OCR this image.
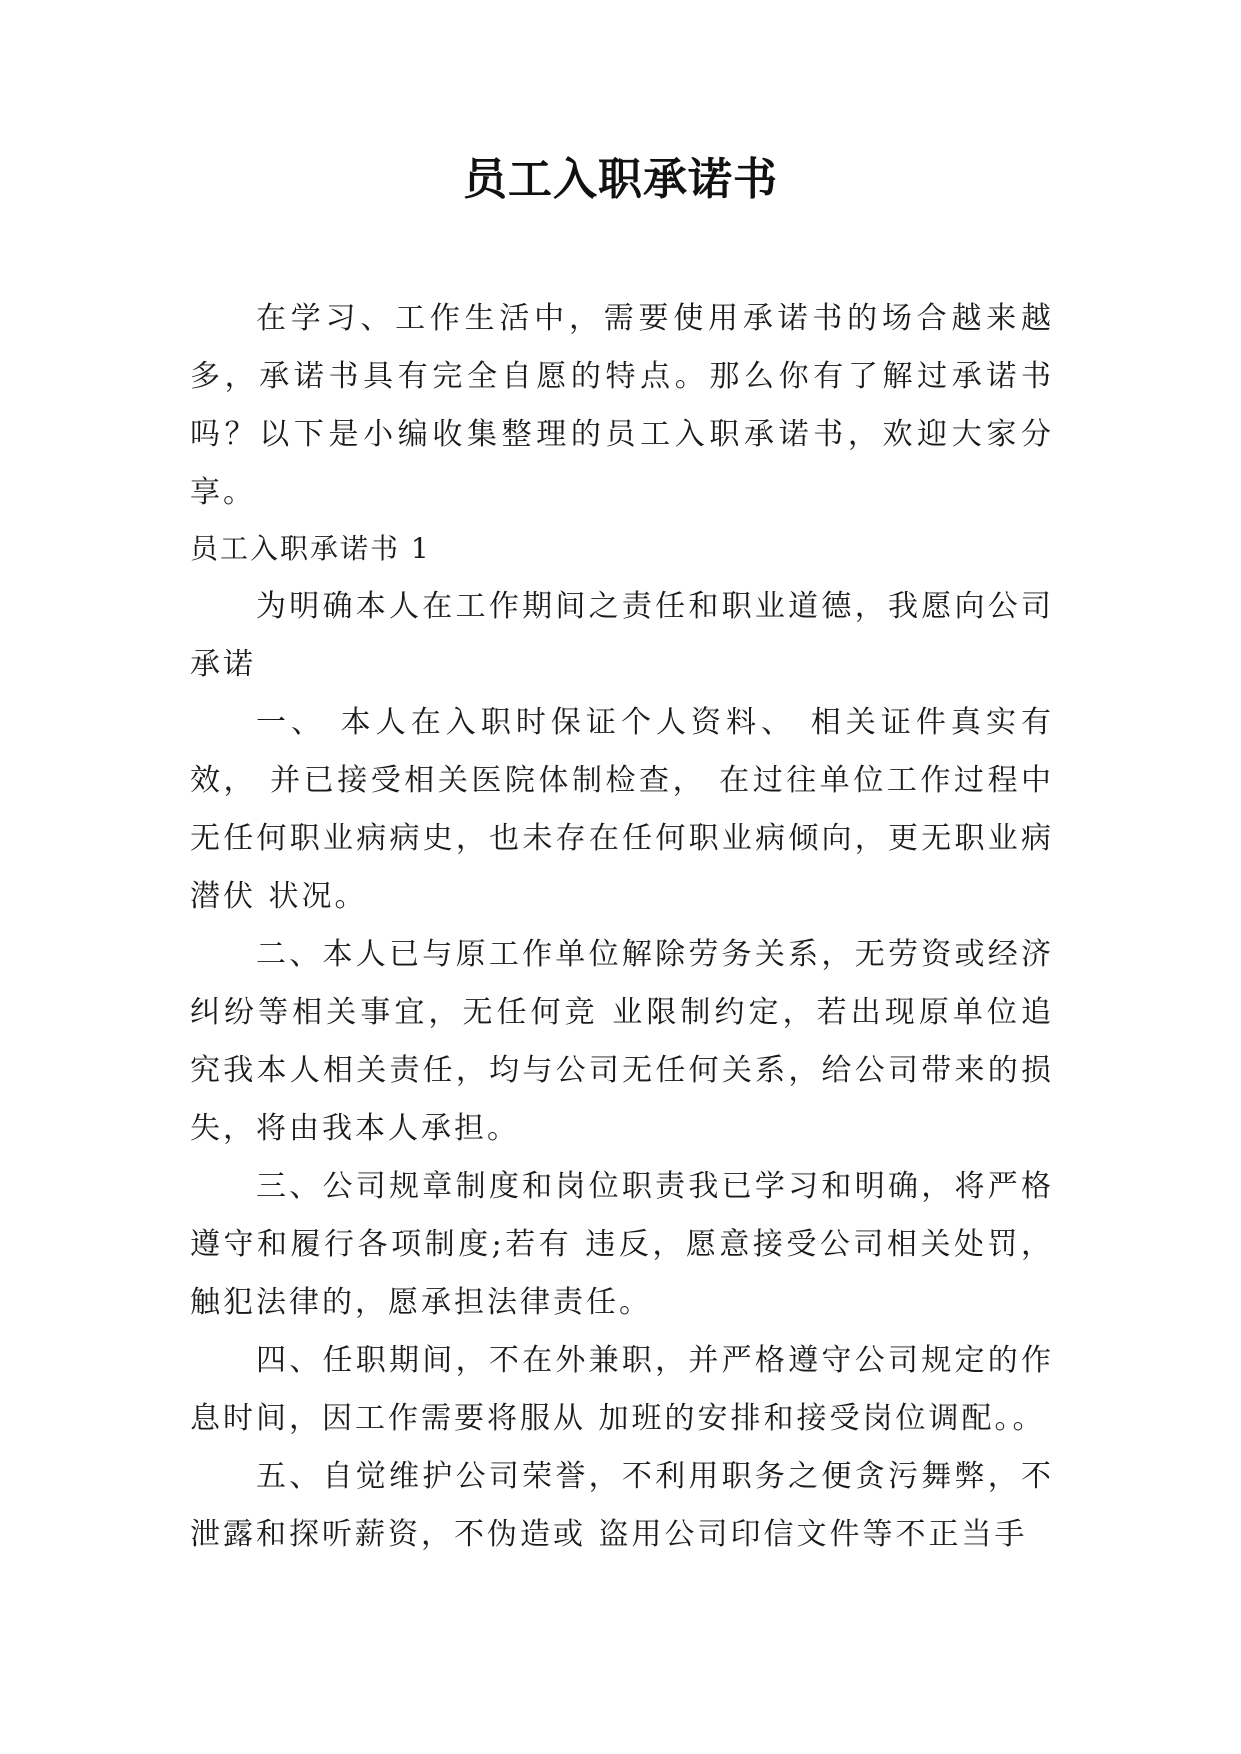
员工入职承诺书

在学习、工作生活中，需要使用承诺书的场合越来越多，承诺书具有完全自愿的特点。那么你有了解过承诺书吗？以下是小编收集整理的员工入职承诺书，欢迎大家分享。

员工入职承诺书 1

为明确本人在工作期间之责任和职业道德，我愿向公司承诺

一、 本人在入职时保证个人资料、 相关证件真实有效， 并已接受相关医院体制检查， 在过往单位工作过程中无任何职业病病史，也未存在任何职业病倾向，更无职业病潜伏 状况。

二、本人已与原工作单位解除劳务关系，无劳资或经济纠纷等相关事宜，无任何竞 业限制约定，若出现原单位追究我本人相关责任，均与公司无任何关系，给公司带来的损失，将由我本人承担。

三、公司规章制度和岗位职责我已学习和明确，将严格遵守和履行各项制度;若有 违反，愿意接受公司相关处罚，触犯法律的，愿承担法律责任。

四、任职期间，不在外兼职，并严格遵守公司规定的作息时间，因工作需要将服从 加班的安排和接受岗位调配。。

五、自觉维护公司荣誉，不利用职务之便贪污舞弊，不泄露和探听薪资，不伪造或 盗用公司印信文件等不正当手
